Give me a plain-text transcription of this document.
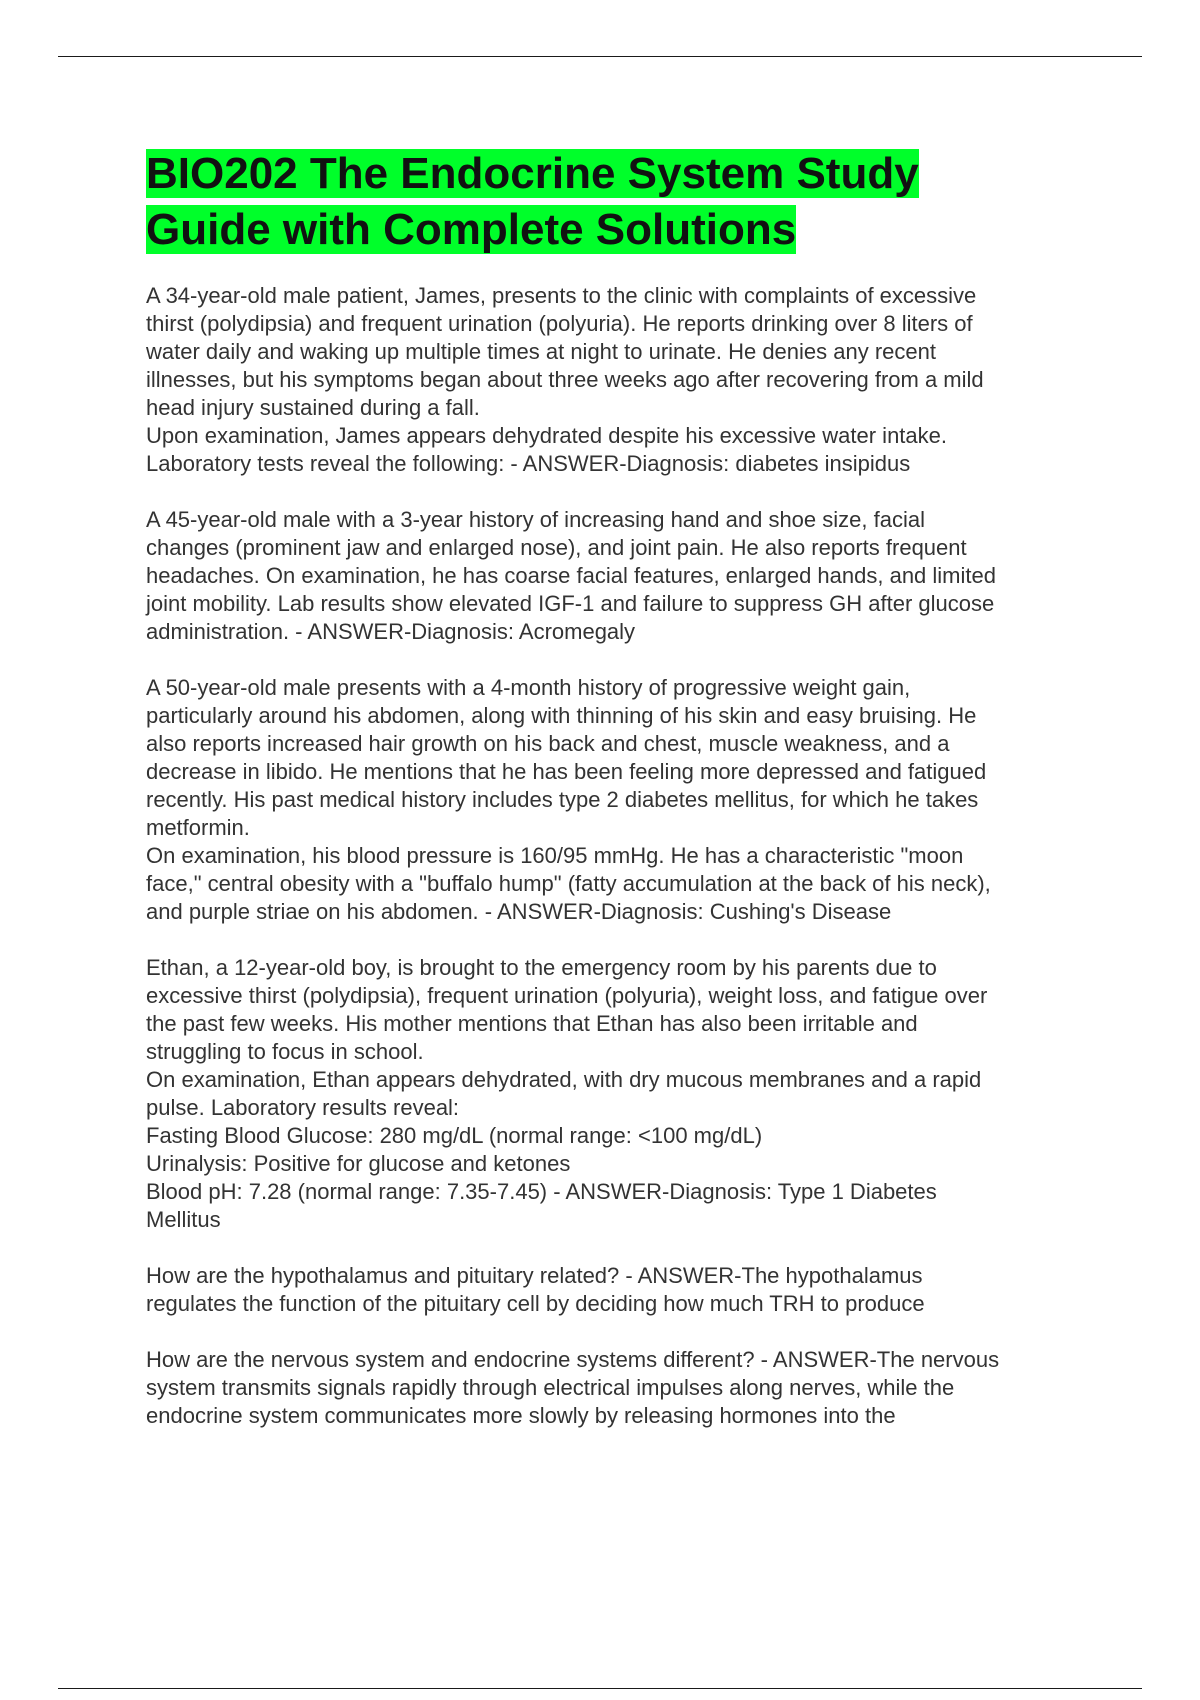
BIO202 The Endocrine System Study
Guide with Complete Solutions
A 34-year-old male patient, James, presents to the clinic with complaints of excessive
thirst (polydipsia) and frequent urination (polyuria). He reports drinking over 8 liters of
water daily and waking up multiple times at night to urinate. He denies any recent
illnesses, but his symptoms began about three weeks ago after recovering from a mild
head injury sustained during a fall.
Upon examination, James appears dehydrated despite his excessive water intake.
Laboratory tests reveal the following: - ANSWER-Diagnosis: diabetes insipidus
A 45-year-old male with a 3-year history of increasing hand and shoe size, facial
changes (prominent jaw and enlarged nose), and joint pain. He also reports frequent
headaches. On examination, he has coarse facial features, enlarged hands, and limited
joint mobility. Lab results show elevated IGF-1 and failure to suppress GH after glucose
administration. - ANSWER-Diagnosis: Acromegaly
A 50-year-old male presents with a 4-month history of progressive weight gain,
particularly around his abdomen, along with thinning of his skin and easy bruising. He
also reports increased hair growth on his back and chest, muscle weakness, and a
decrease in libido. He mentions that he has been feeling more depressed and fatigued
recently. His past medical history includes type 2 diabetes mellitus, for which he takes
metformin.
On examination, his blood pressure is 160/95 mmHg. He has a characteristic "moon
face," central obesity with a "buffalo hump" (fatty accumulation at the back of his neck),
and purple striae on his abdomen. - ANSWER-Diagnosis: Cushing's Disease
Ethan, a 12-year-old boy, is brought to the emergency room by his parents due to
excessive thirst (polydipsia), frequent urination (polyuria), weight loss, and fatigue over
the past few weeks. His mother mentions that Ethan has also been irritable and
struggling to focus in school.
On examination, Ethan appears dehydrated, with dry mucous membranes and a rapid
pulse. Laboratory results reveal:
Fasting Blood Glucose: 280 mg/dL (normal range: <100 mg/dL)
Urinalysis: Positive for glucose and ketones
Blood pH: 7.28 (normal range: 7.35-7.45) - ANSWER-Diagnosis: Type 1 Diabetes
Mellitus
How are the hypothalamus and pituitary related? - ANSWER-The hypothalamus
regulates the function of the pituitary cell by deciding how much TRH to produce
How are the nervous system and endocrine systems different? - ANSWER-The nervous
system transmits signals rapidly through electrical impulses along nerves, while the
endocrine system communicates more slowly by releasing hormones into the
